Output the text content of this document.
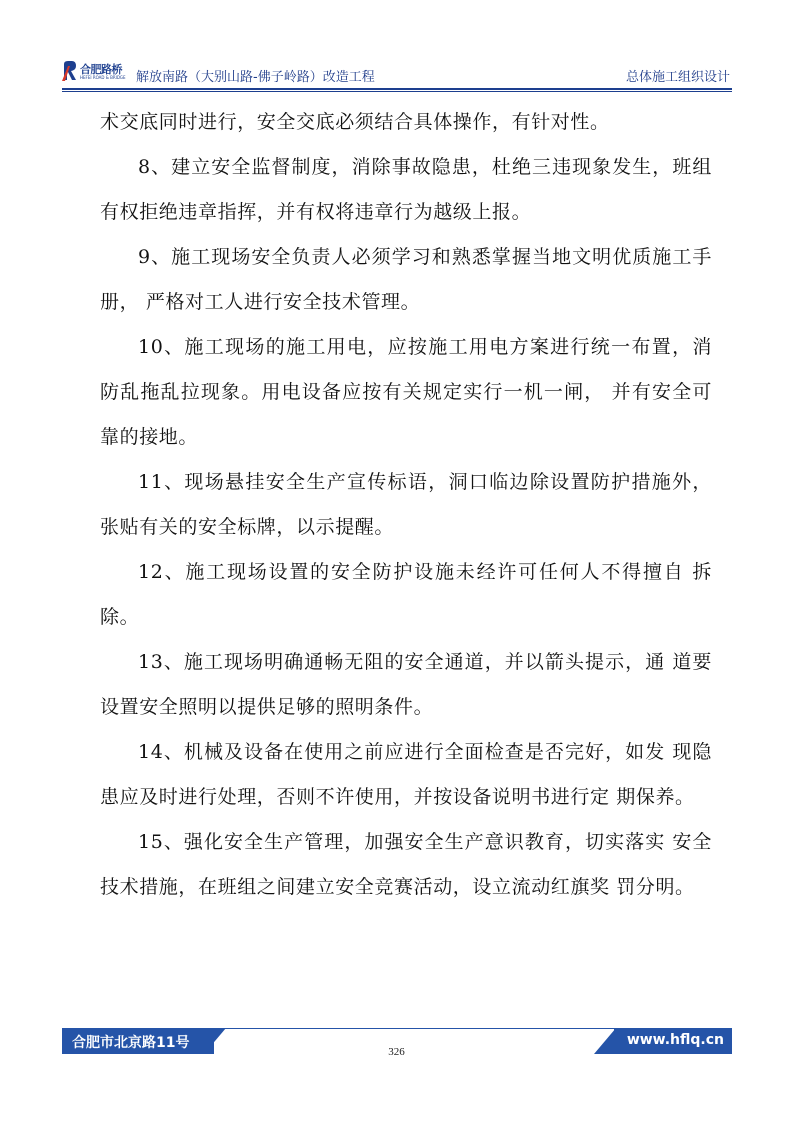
合肥路桥
HEFEI ROAD & BRIDGE 解放南路（大别山路-佛子岭路）改造工程	总体施工组织设计

术交底同时进行，安全交底必须结合具体操作，有针对性。

8、建立安全监督制度，消除事故隐患，杜绝三违现象发生，班组有权拒绝违章指挥，并有权将违章行为越级上报。

9、施工现场安全负责人必须学习和熟悉掌握当地文明优质施工手册， 严格对工人进行安全技术管理。

10、施工现场的施工用电，应按施工用电方案进行统一布置，消防乱拖乱拉现象。用电设备应按有关规定实行一机一闸， 并有安全可靠的接地。

11、现场悬挂安全生产宣传标语，洞口临边除设置防护措施外，张贴有关的安全标牌，以示提醒。

12、施工现场设置的安全防护设施未经许可任何人不得擅自 拆除。

13、施工现场明确通畅无阻的安全通道，并以箭头提示，通 道要设置安全照明以提供足够的照明条件。

14、机械及设备在使用之前应进行全面检查是否完好，如发 现隐患应及时进行处理，否则不许使用，并按设备说明书进行定 期保养。

15、强化安全生产管理，加强安全生产意识教育，切实落实 安全技术措施，在班组之间建立安全竞赛活动，设立流动红旗奖 罚分明。

合肥市北京路11号	www.hflq.cn
326
